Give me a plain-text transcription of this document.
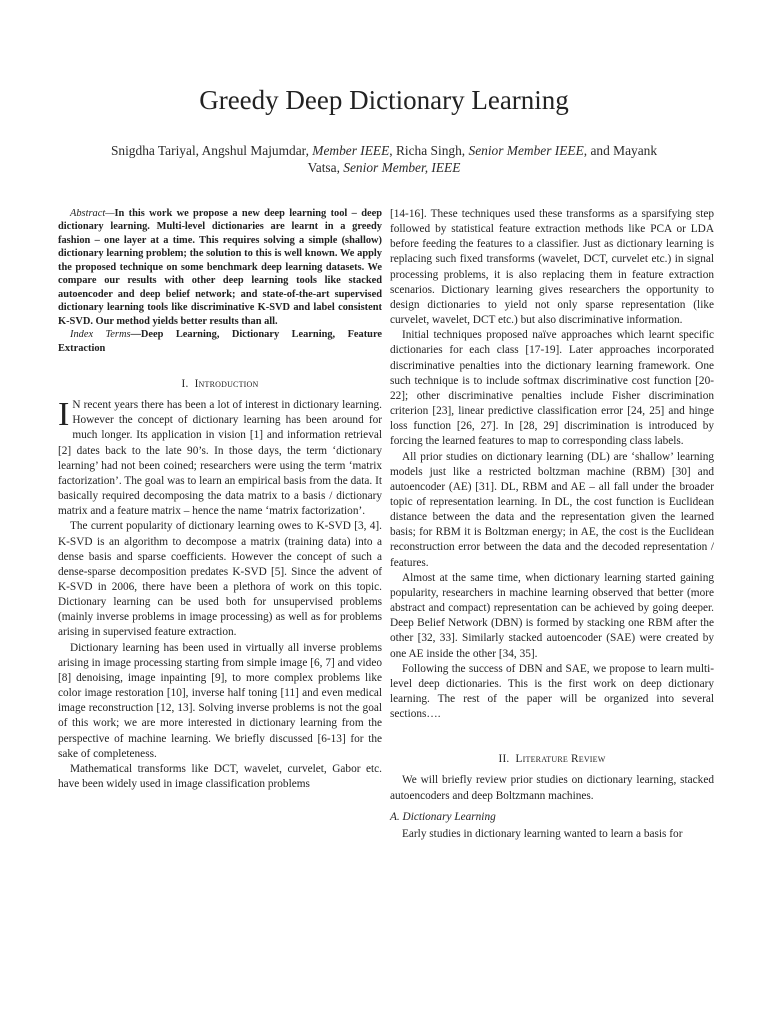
Greedy Deep Dictionary Learning
Snigdha Tariyal, Angshul Majumdar, Member IEEE, Richa Singh, Senior Member IEEE, and Mayank Vatsa, Senior Member, IEEE

Abstract—In this work we propose a new deep learning tool – deep dictionary learning. Multi-level dictionaries are learnt in a greedy fashion – one layer at a time. This requires solving a simple (shallow) dictionary learning problem; the solution to this is well known. We apply the proposed technique on some benchmark deep learning datasets. We compare our results with other deep learning tools like stacked autoencoder and deep belief network; and state-of-the-art supervised dictionary learning tools like discriminative K-SVD and label consistent K-SVD. Our method yields better results than all.

Index Terms—Deep Learning, Dictionary Learning, Feature Extraction

I. Introduction

I N recent years there has been a lot of interest in dictionary learning. However the concept of dictionary learning has been around for much longer. Its application in vision [1] and information retrieval [2] dates back to the late 90’s. In those days, the term ‘dictionary learning’ had not been coined; researchers were using the term ‘matrix factorization’. The goal was to learn an empirical basis from the data. It basically required decomposing the data matrix to a basis / dictionary matrix and a feature matrix – hence the name ‘matrix factorization’.

The current popularity of dictionary learning owes to K-SVD [3, 4]. K-SVD is an algorithm to decompose a matrix (training data) into a dense basis and sparse coefficients. However the concept of such a dense-sparse decomposition predates K-SVD [5]. Since the advent of K-SVD in 2006, there have been a plethora of work on this topic. Dictionary learning can be used both for unsupervised problems (mainly inverse problems in image processing) as well as for problems arising in supervised feature extraction.

Dictionary learning has been used in virtually all inverse problems arising in image processing starting from simple image [6, 7] and video [8] denoising, image inpainting [9], to more complex problems like color image restoration [10], inverse half toning [11] and even medical image reconstruction [12, 13]. Solving inverse problems is not the goal of this work; we are more interested in dictionary learning from the perspective of machine learning. We briefly discussed [6-13] for the sake of completeness.

Mathematical transforms like DCT, wavelet, curvelet, Gabor etc. have been widely used in image classification problems

[14-16]. These techniques used these transforms as a sparsifying step followed by statistical feature extraction methods like PCA or LDA before feeding the features to a classifier. Just as dictionary learning is replacing such fixed transforms (wavelet, DCT, curvelet etc.) in signal processing problems, it is also replacing them in feature extraction scenarios. Dictionary learning gives researchers the opportunity to design dictionaries to yield not only sparse representation (like curvelet, wavelet, DCT etc.) but also discriminative information.

Initial techniques proposed naïve approaches which learnt specific dictionaries for each class [17-19]. Later approaches incorporated discriminative penalties into the dictionary learning framework. One such technique is to include softmax discriminative cost function [20-22]; other discriminative penalties include Fisher discrimination criterion [23], linear predictive classification error [24, 25] and hinge loss function [26, 27]. In [28, 29] discrimination is introduced by forcing the learned features to map to corresponding class labels.

All prior studies on dictionary learning (DL) are ‘shallow’ learning models just like a restricted boltzman machine (RBM) [30] and autoencoder (AE) [31]. DL, RBM and AE – all fall under the broader topic of representation learning. In DL, the cost function is Euclidean distance between the data and the representation given the learned basis; for RBM it is Boltzman energy; in AE, the cost is the Euclidean reconstruction error between the data and the decoded representation / features.

Almost at the same time, when dictionary learning started gaining popularity, researchers in machine learning observed that better (more abstract and compact) representation can be achieved by going deeper. Deep Belief Network (DBN) is formed by stacking one RBM after the other [32, 33]. Similarly stacked autoencoder (SAE) were created by one AE inside the other [34, 35].

Following the success of DBN and SAE, we propose to learn multi-level deep dictionaries. This is the first work on deep dictionary learning. The rest of the paper will be organized into several sections….

II. Literature Review

We will briefly review prior studies on dictionary learning, stacked autoencoders and deep Boltzmann machines.

A. Dictionary Learning

Early studies in dictionary learning wanted to learn a basis for
